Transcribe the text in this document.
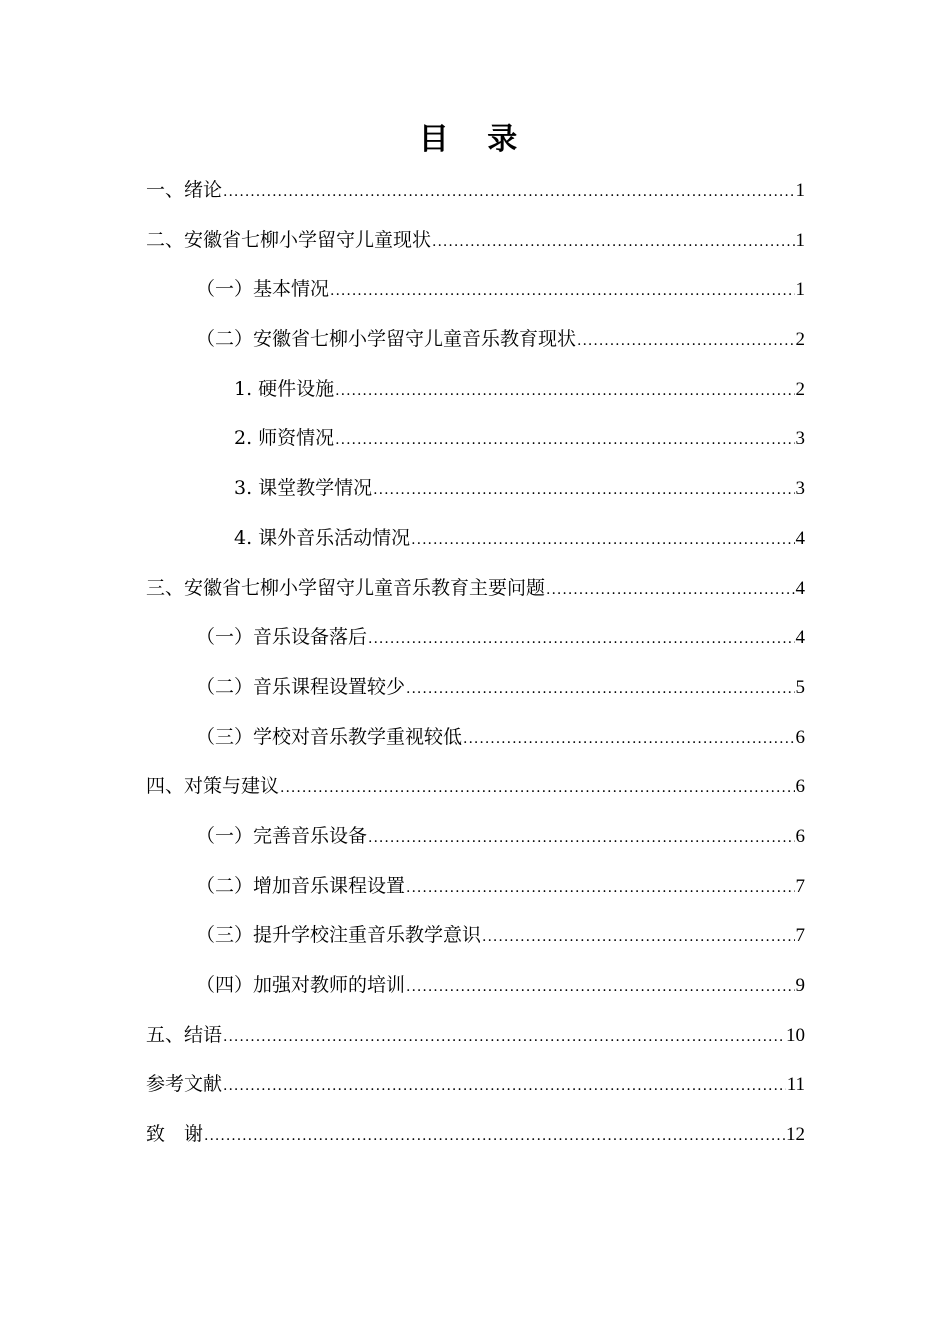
目 录
一、绪论 .....	1
二、安徽省七柳小学留守儿童现状 .....	1
（一）基本情况 .....	1
（二）安徽省七柳小学留守儿童音乐教育现状 .....	2
1. 硬件设施 .....	2
2. 师资情况 .....	3
3. 课堂教学情况 .....	3
4. 课外音乐活动情况 .....	4
三、安徽省七柳小学留守儿童音乐教育主要问题 .....	4
（一）音乐设备落后 .....	4
（二）音乐课程设置较少 .....	5
（三）学校对音乐教学重视较低 .....	6
四、对策与建议 .....	6
（一）完善音乐设备 .....	6
（二）增加音乐课程设置 .....	7
（三）提升学校注重音乐教学意识 .....	7
（四）加强对教师的培训 .....	9
五、结语 .....	10
参考文献 .....	11
致　谢 .....	12
